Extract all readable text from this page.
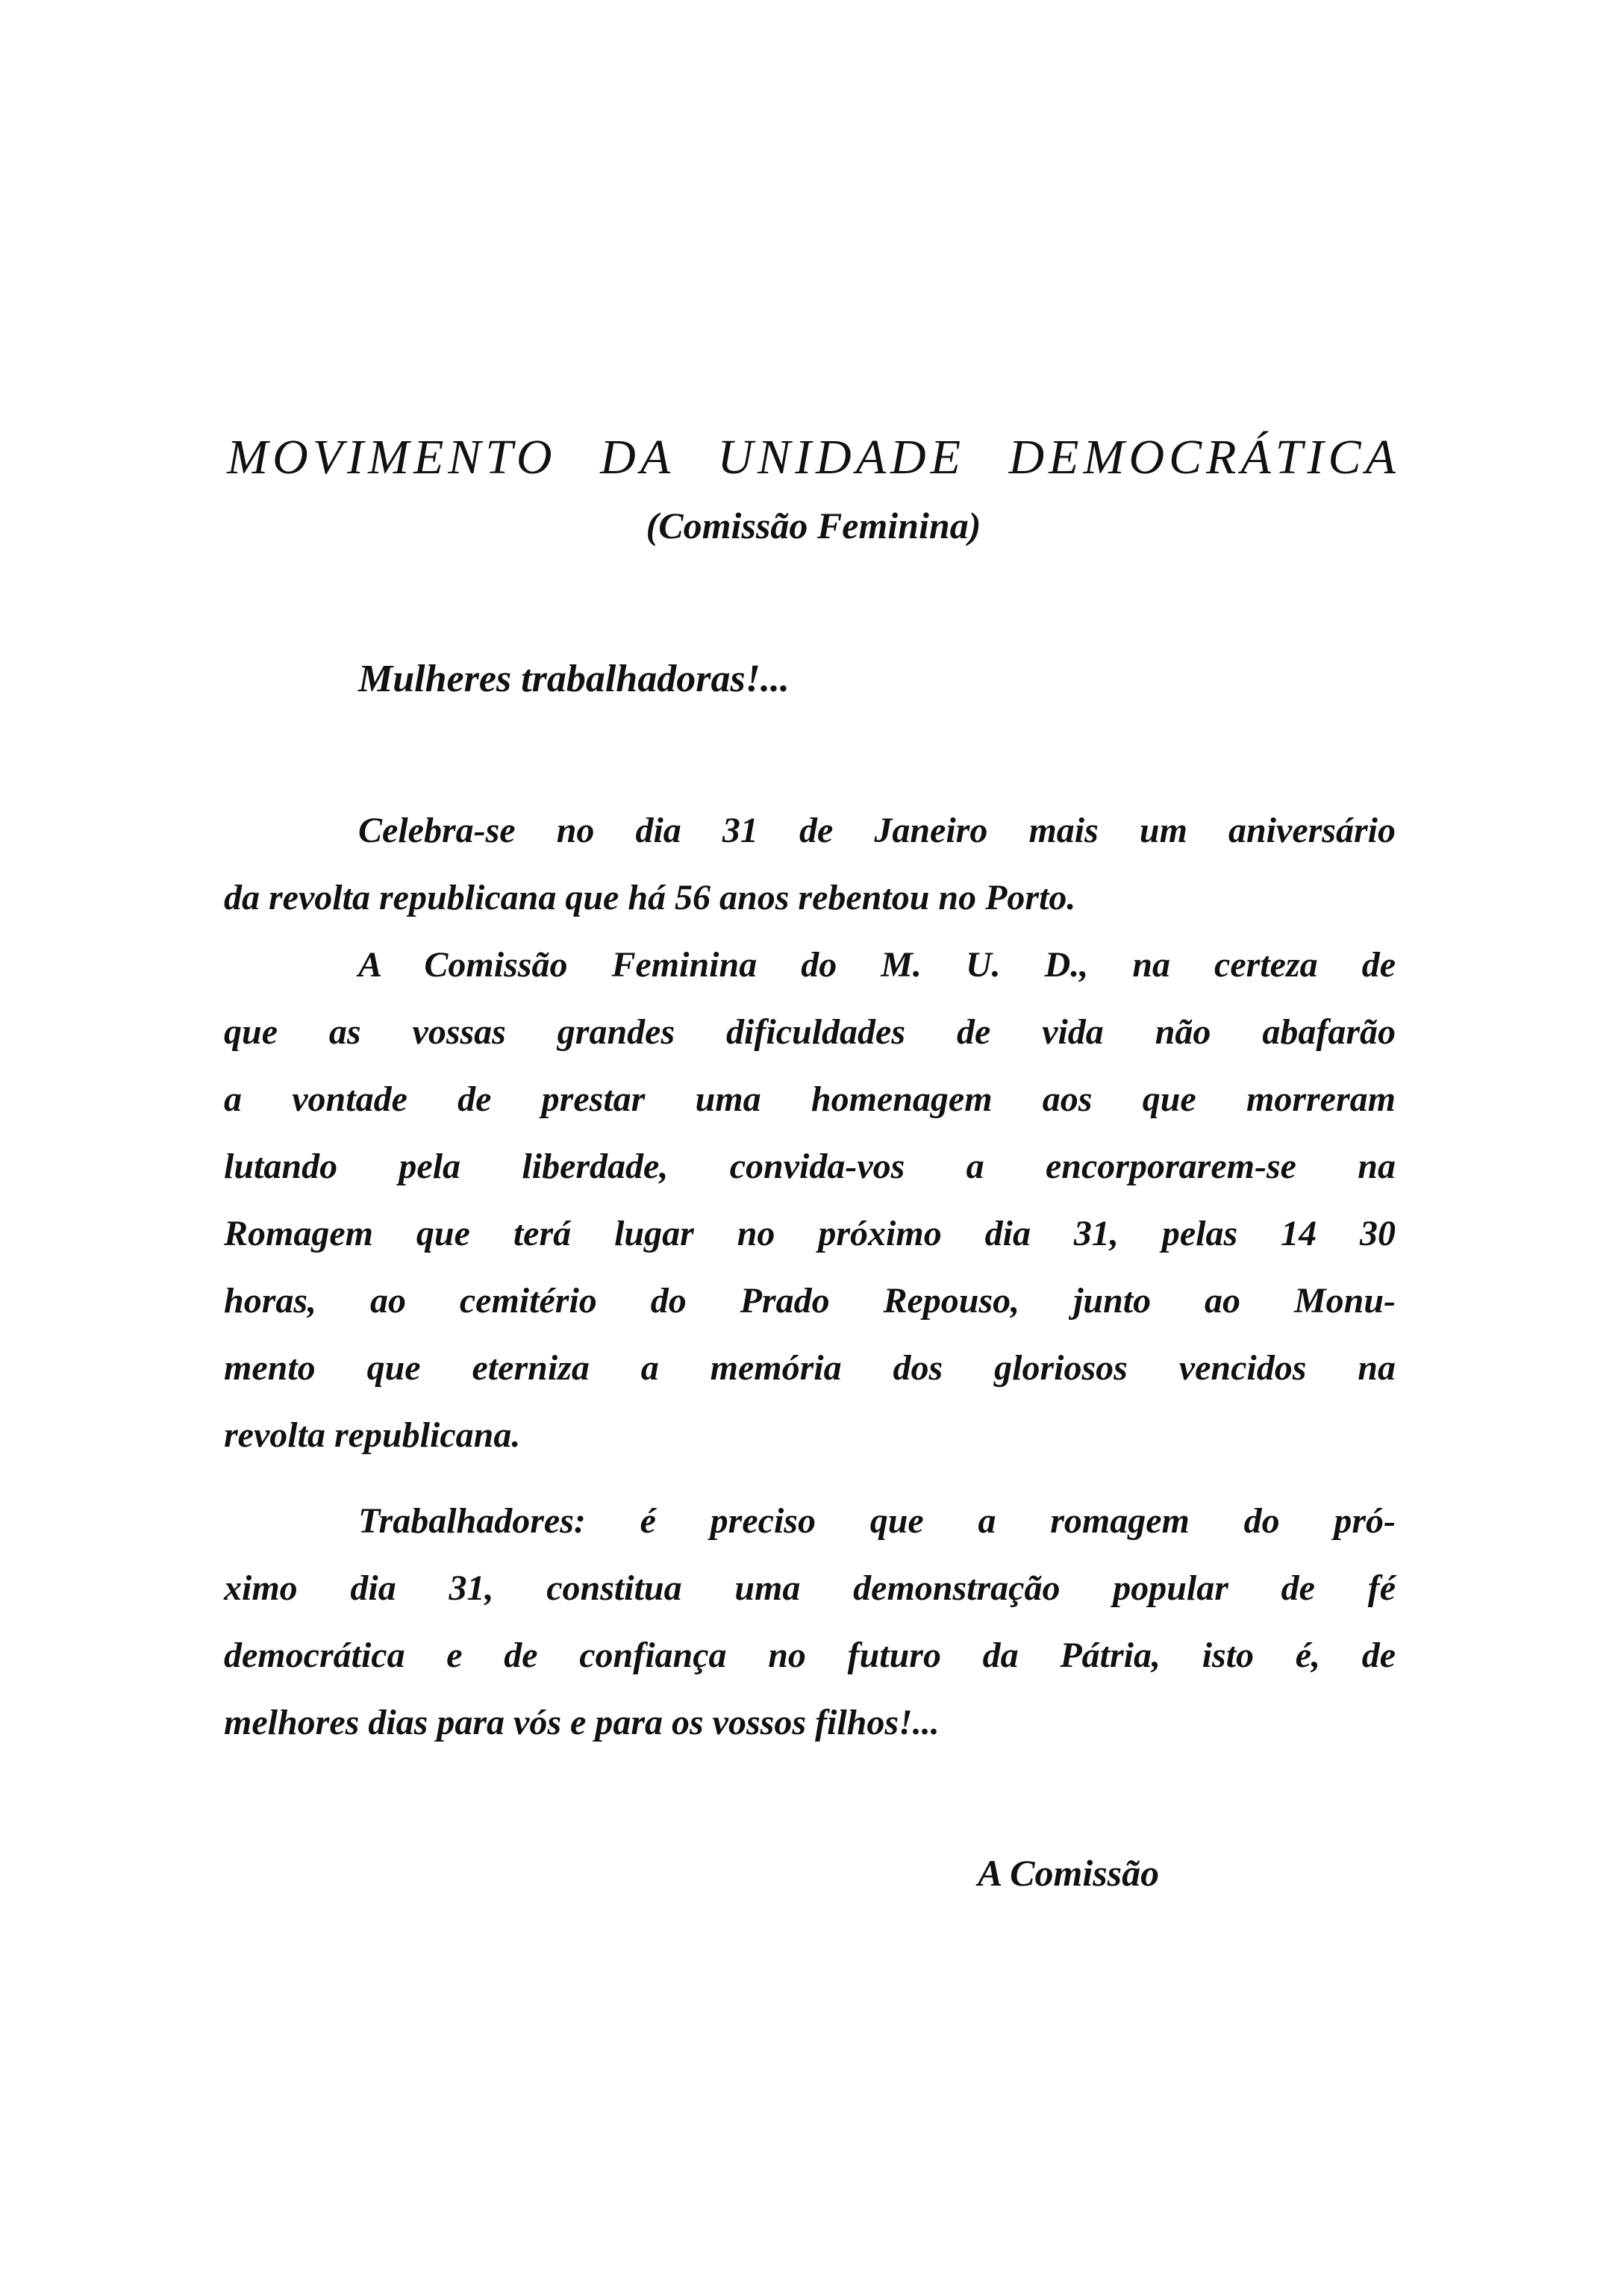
MOVIMENTO DA UNIDADE DEMOCRÁTICA
(Comissão Feminina)
Mulheres trabalhadoras!...
Celebra-se no dia 31 de Janeiro mais um aniversário
da revolta republicana que há 56 anos rebentou no Porto.
A Comissão Feminina do M. U. D., na certeza de
que as vossas grandes dificuldades de vida não abafarão
a vontade de prestar uma homenagem aos que morreram
lutando pela liberdade, convida-vos a encorporarem-se na
Romagem que terá lugar no próximo dia 31, pelas 14 30
horas, ao cemitério do Prado Repouso, junto ao Monu-
mento que eterniza a memória dos gloriosos vencidos na
revolta republicana.
Trabalhadores: é preciso que a romagem do pró-
ximo dia 31, constitua uma demonstração popular de fé
democrática e de confiança no futuro da Pátria, isto é, de
melhores dias para vós e para os vossos filhos!...
A Comissão
